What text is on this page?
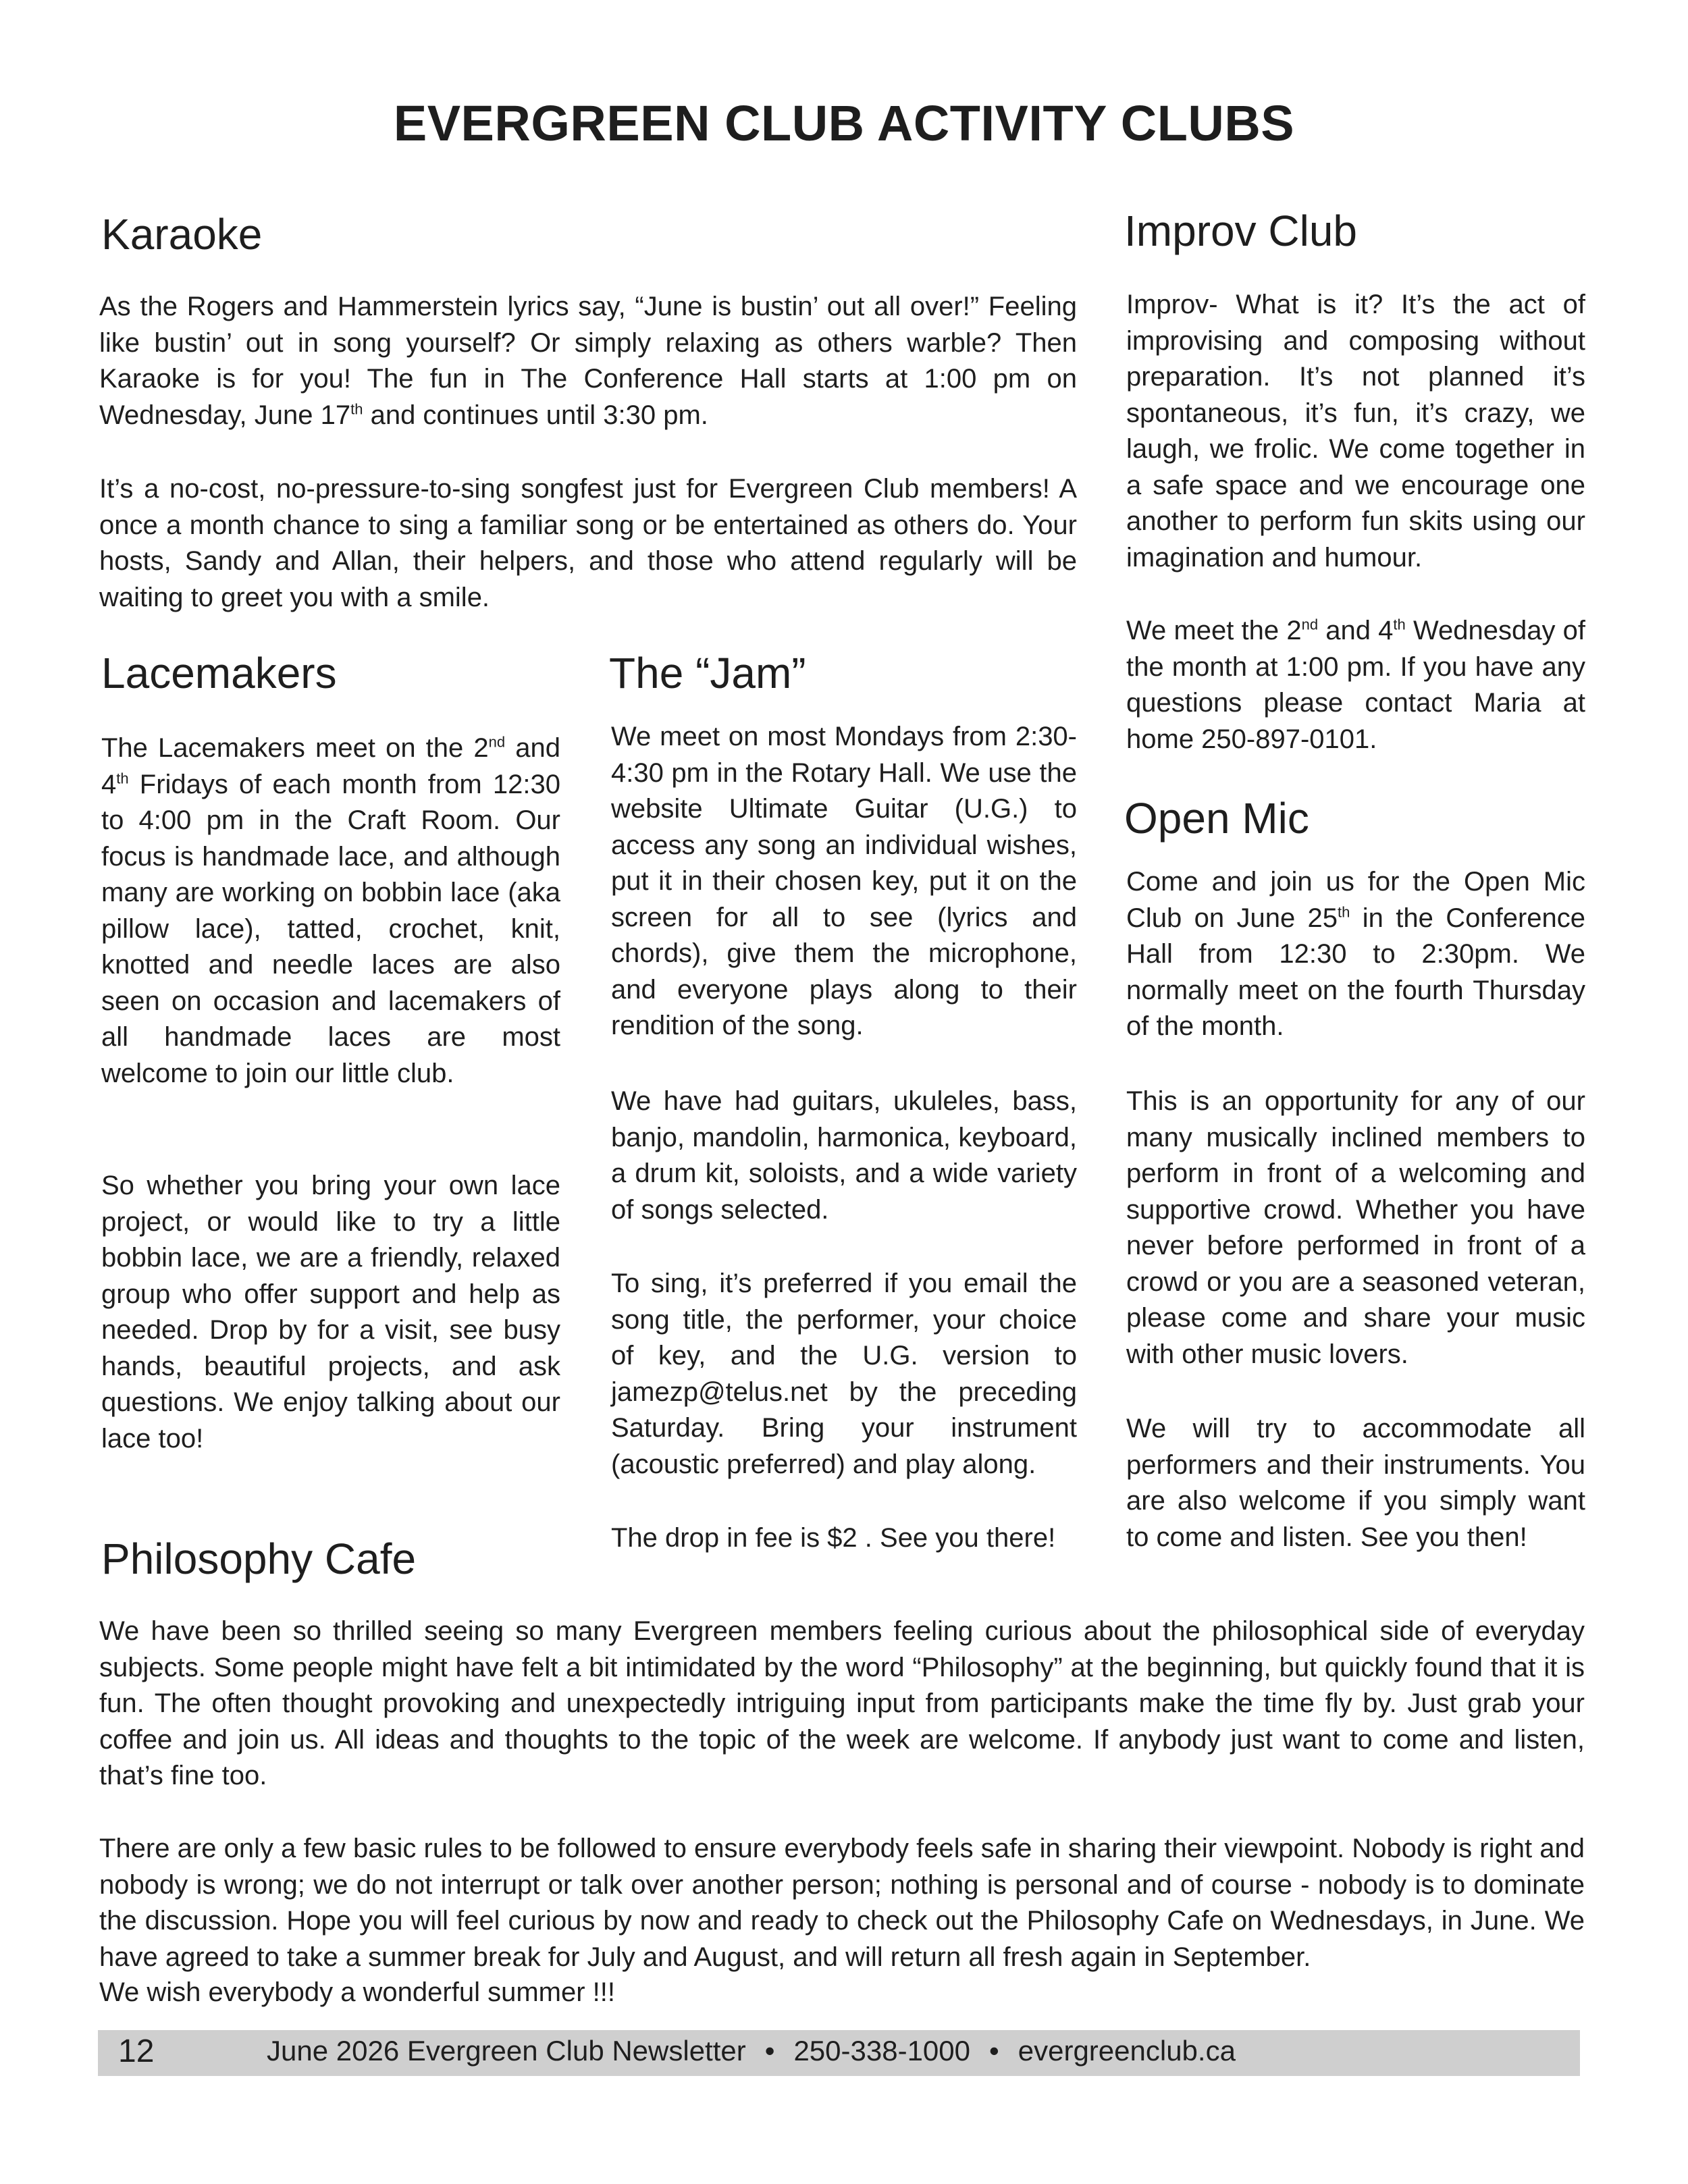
EVERGREEN CLUB ACTIVITY CLUBS
Karaoke
As the Rogers and Hammerstein lyrics say, “June is bustin’ out all over!” Feeling like bustin’ out in song yourself? Or simply relaxing as others warble? Then Karaoke is for you! The fun in The Conference Hall starts at 1:00 pm on Wednesday, June 17th and continues until 3:30 pm.
It’s a no-cost, no-pressure-to-sing songfest just for Evergreen Club members! A once a month chance to sing a familiar song or be entertained as others do. Your hosts, Sandy and Allan, their helpers, and those who attend regularly will be waiting to greet you with a smile.
Lacemakers
The Lacemakers meet on the 2nd and 4th Fridays of each month from 12:30 to 4:00 pm in the Craft Room. Our focus is handmade lace, and although many are working on bobbin lace (aka pillow lace), tatted, crochet, knit, knotted and needle laces are also seen on occasion and lacemakers of all handmade laces are most welcome to join our little club.
So whether you bring your own lace project, or would like to try a little bobbin lace, we are a friendly, relaxed group who offer support and help as needed. Drop by for a visit, see busy hands, beautiful projects, and ask questions. We enjoy talking about our lace too!
The “Jam”
We meet on most Mondays from 2:30-4:30 pm in the Rotary Hall. We use the website Ultimate Guitar (U.G.) to access any song an individual wishes, put it in their chosen key, put it on the screen for all to see (lyrics and chords), give them the microphone, and everyone plays along to their rendition of the song.
We have had guitars, ukuleles, bass, banjo, mandolin, harmonica, keyboard, a drum kit, soloists, and a wide variety of songs selected.
To sing, it’s preferred if you email the song title, the performer, your choice of key, and the U.G. version to jamezp@telus.net by the preceding Saturday. Bring your instrument (acoustic preferred) and play along.
The drop in fee is $2 . See you there!
Improv Club
Improv- What is it? It’s the act of improvising and composing without preparation. It’s not planned it’s spontaneous, it’s fun, it’s crazy, we laugh, we frolic. We come together in a safe space and we encourage one another to perform fun skits using our imagination and humour.
We meet the 2nd and 4th Wednesday of the month at 1:00 pm. If you have any questions please contact Maria at home 250-897-0101.
Open Mic
Come and join us for the Open Mic Club on June 25th in the Conference Hall from 12:30 to 2:30pm. We normally meet on the fourth Thursday of the month.
This is an opportunity for any of our many musically inclined members to perform in front of a welcoming and supportive crowd. Whether you have never before performed in front of a crowd or you are a seasoned veteran, please come and share your music with other music lovers.
We will try to accommodate all performers and their instruments. You are also welcome if you simply want to come and listen. See you then!
Philosophy Cafe
We have been so thrilled seeing so many Evergreen members feeling curious about the philosophical side of everyday subjects. Some people might have felt a bit intimidated by the word “Philosophy” at the beginning, but quickly found that it is fun. The often thought provoking and unexpectedly intriguing input from participants make the time fly by. Just grab your coffee and join us. All ideas and thoughts to the topic of the week are welcome. If anybody just want to come and listen, that’s fine too.
There are only a few basic rules to be followed to ensure everybody feels safe in sharing their viewpoint. Nobody is right and nobody is wrong; we do not interrupt or talk over another person; nothing is personal and of course - nobody is to dominate the discussion. Hope you will feel curious by now and ready to check out the Philosophy Cafe on Wednesdays, in June. We have agreed to take a summer break for July and August, and will return all fresh again in September.
We wish everybody a wonderful summer !!!
12	June 2026 Evergreen Club Newsletter • 250-338-1000 • evergreenclub.ca
